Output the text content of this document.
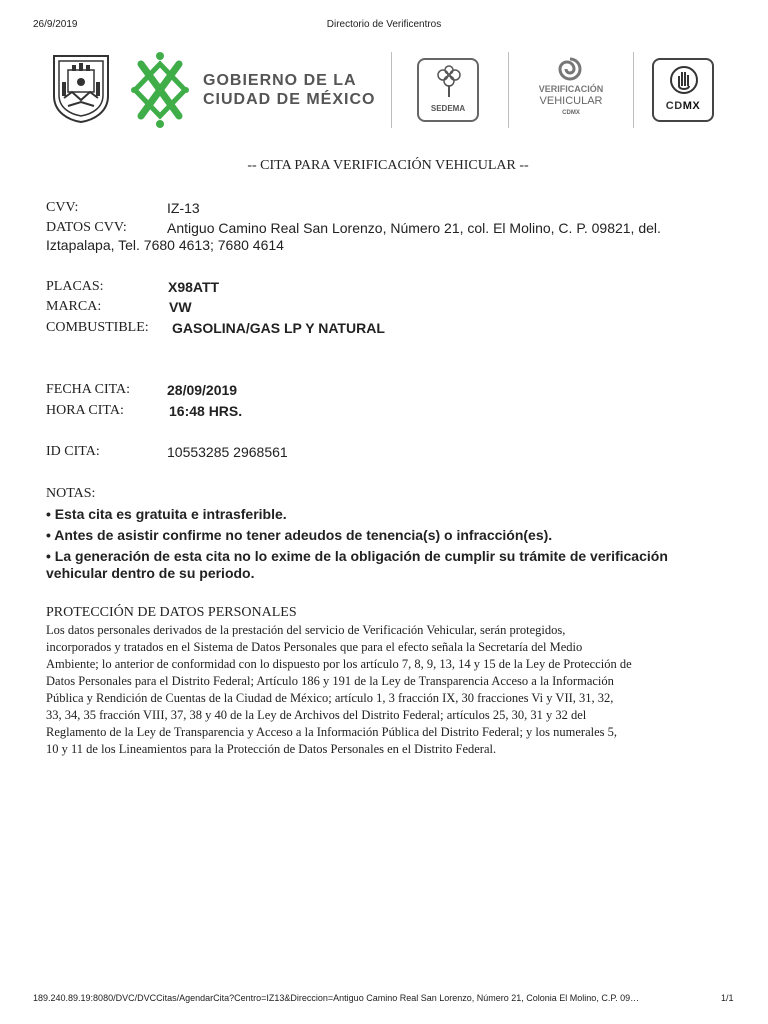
26/9/2019	Directorio de Verificentros
GOBIERNO DE LA
CIUDAD DE MÉXICO
SEDEMA
VERIFICACIÓN
VEHICULAR
CDMX
CDMX
-- CITA PARA VERIFICACIÓN VEHICULAR --
CVV:	IZ-13
DATOS CVV:	Antiguo Camino Real San Lorenzo, Número 21, col. El Molino, C. P. 09821, del.
Iztapalapa, Tel. 7680 4613; 7680 4614
PLACAS:	X98ATT
MARCA:	VW
COMBUSTIBLE: GASOLINA/GAS LP Y NATURAL
FECHA CITA:	28/09/2019
HORA CITA:	16:48 HRS.
ID CITA:	10553285 2968561
NOTAS:
• Esta cita es gratuita e intrasferible.
• Antes de asistir confirme no tener adeudos de tenencia(s) o infracción(es).
• La generación de esta cita no lo exime de la obligación de cumplir su trámite de verificación
vehicular dentro de su periodo.
PROTECCIÓN DE DATOS PERSONALES
Los datos personales derivados de la prestación del servicio de Verificación Vehicular, serán protegidos,
incorporados y tratados en el Sistema de Datos Personales que para el efecto señala la Secretaría del Medio
Ambiente; lo anterior de conformidad con lo dispuesto por los artículo 7, 8, 9, 13, 14 y 15 de la Ley de Protección de
Datos Personales para el Distrito Federal; Artículo 186 y 191 de la Ley de Transparencia Acceso a la Información
Pública y Rendición de Cuentas de la Ciudad de México; artículo 1, 3 fracción IX, 30 fracciones Vi y VII, 31, 32,
33, 34, 35 fracción VIII, 37, 38 y 40 de la Ley de Archivos del Distrito Federal; artículos 25, 30, 31 y 32 del
Reglamento de la Ley de Transparencia y Acceso a la Información Pública del Distrito Federal; y los numerales 5,
10 y 11 de los Lineamientos para la Protección de Datos Personales en el Distrito Federal.
189.240.89.19:8080/DVC/DVCCitas/AgendarCita?Centro=IZ13&Direccion=Antiguo Camino Real San Lorenzo, Número 21, Colonia El Molino, C.P. 09…	1/1
